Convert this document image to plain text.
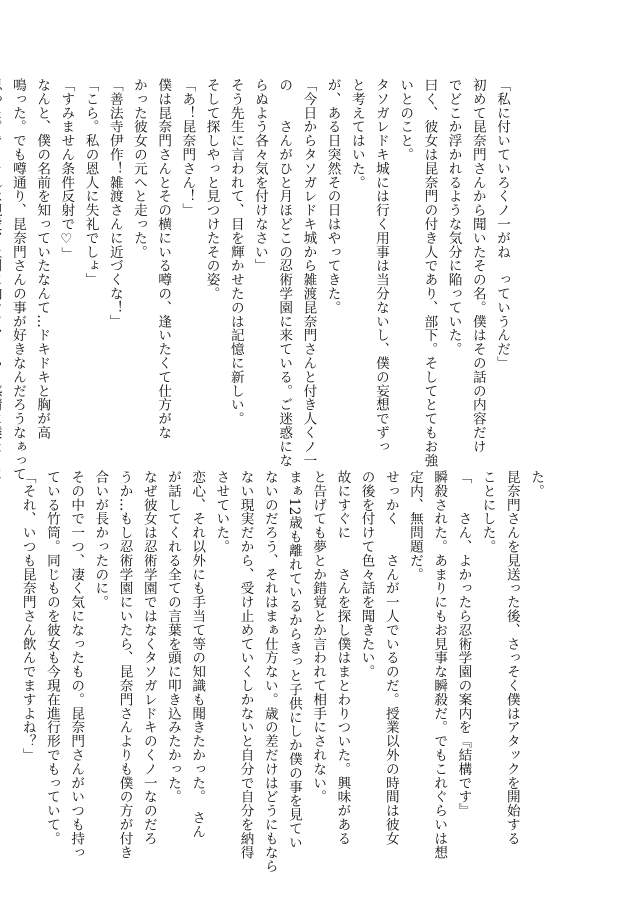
「私に付いていろくノ一がね　っていうんだ」
初めて昆奈門さんから聞いたその名。僕はその話の内容だけ
でどこか浮かれるような気分に陥っていた。
曰く、彼女は昆奈門の付き人であり、部下。そしてとてもお強
いとのこと。
タソガレドキ城には行く用事は当分ないし、僕の妄想でずっ
と考えてはいた。
が、ある日突然その日はやってきた。
「今日からタソガレドキ城から雑渡昆奈門さんと付き人くノ一
の　　さんがひと月ほどこの忍術学園に来ている。ご迷惑にな
らぬよう各々気を付けなさい」
そう先生に言われて、目を輝かせたのは記憶に新しい。
そして探しやっと見つけたその姿。
「あ！昆奈門さん！」
僕は昆奈門さんとその横にいる噂の、逢いたくて仕方がな
かった彼女の元へと走った。
「善法寺伊作！雑渡さんに近づくな！」
「こら。私の恩人に失礼でしょ」
「すみません条件反射で♡」
なんと、僕の名前を知っていたなんて…ドキドキと胸が高
鳴った。でも噂通り、昆奈門さんの事が好きなんだろうなぁって
た。
昆奈門さんを見送った後、さっそく僕はアタックを開始する
ことにした。
「　　さん、よかったら忍術学園の案内を『結構です』
瞬殺された。あまりにもお見事な瞬殺だ。でもこれぐらいは想
定内、無問題だ。
せっかく　　さんが一人でいるのだ。授業以外の時間は彼女
の後を付けて色々話を聞きたい。
故にすぐに　　さんを探し僕はまとわりついた。興味がある
と告げても夢とか錯覚とか言われて相手にされない。
まぁ12歳も離れているからきっと子供にしか僕の事を見てい
ないのだろう、それはまぁ仕方ない。歳の差だけはどうにもなら
ない現実だから、受け止めていくしかないと自分で自分を納得
させていた。
恋心、それ以外にも手当て等の知識も聞きたかった。　さん
が話してくれる全ての言葉を頭に叩き込みたかった。
なぜ彼女は忍術学園ではなくタソガレドキのくノ一なのだろ
うか…もし忍術学園にいたら、昆奈門さんよりも僕の方が付き
合いが長かったのに。
その中で一つ、凄く気になったもの。昆奈門さんがいつも持っ
ている竹筒。同じものを彼女も今現在進行形でもっていて。
「それ、いつも昆奈門さん飲んでますよね？」
